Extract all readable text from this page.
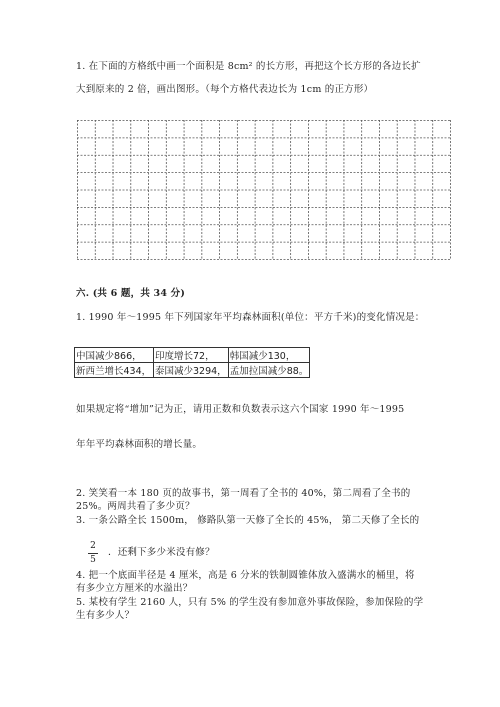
1. 在下面的方格纸中画一个面积是 8cm² 的长方形，再把这个长方形的各边长扩
大到原来的 2 倍，画出图形。（每个方格代表边长为 1cm 的正方形）
六. (共 6 题，共 34 分)
1. 1990 年～1995 年下列国家年平均森林面积(单位：平方千米)的变化情况是：
中国减少866，	印度增长72，	韩国减少130，
新西兰增长434，	泰国减少3294，	孟加拉国减少88。
如果规定将“增加”记为正，请用正数和负数表示这六个国家 1990 年～1995
年年平均森林面积的增长量。
2. 笑笑看一本 180 页的故事书，第一周看了全书的 40%，第二周看了全书的
25%。两周共看了多少页？
3. 一条公路全长 1500m， 修路队第一天修了全长的 45%， 第二天修了全长的
2
5
．还剩下多少米没有修？
4. 把一个底面半径是 4 厘米，高是 6 分米的铁制圆锥体放入盛满水的桶里，将
有多少立方厘米的水溢出？
5. 某校有学生 2160 人，只有 5% 的学生没有参加意外事故保险，参加保险的学
生有多少人？
